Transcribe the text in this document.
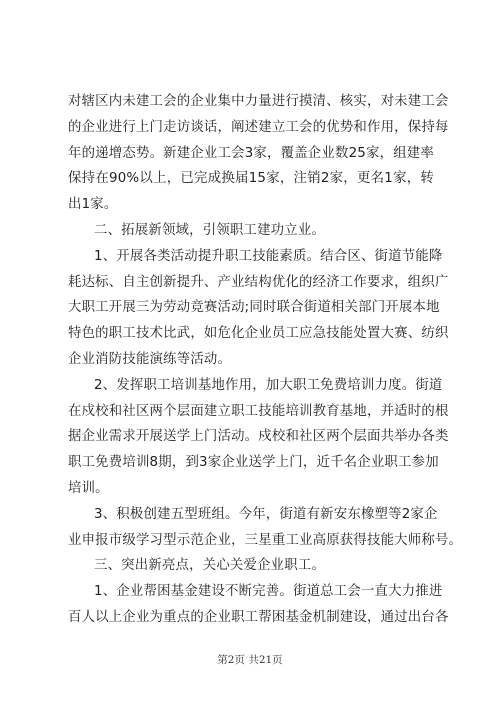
对辖区内未建工会的企业集中力量进行摸清、核实，对未建工会
的企业进行上门走访谈话，阐述建立工会的优势和作用，保持每
年的递增态势。新建企业工会3家，覆盖企业数25家，组建率
保持在90%以上，已完成换届15家，注销2家，更名1家，转
出1家。
二、拓展新领域，引领职工建功立业。
1、开展各类活动提升职工技能素质。结合区、街道节能降
耗达标、自主创新提升、产业结构优化的经济工作要求，组织广
大职工开展三为劳动竞赛活动;同时联合街道相关部门开展本地
特色的职工技术比武，如危化企业员工应急技能处置大赛、纺织
企业消防技能演练等活动。
2、发挥职工培训基地作用，加大职工免费培训力度。街道
在戍校和社区两个层面建立职工技能培训教育基地，并适时的根
据企业需求开展送学上门活动。戍校和社区两个层面共举办各类
职工免费培训8期，到3家企业送学上门，近千名企业职工参加
培训。
3、积极创建五型班组。今年，街道有新安东橡塑等2家企
业申报市级学习型示范企业，三星重工业高原获得技能大师称号。
三、突出新亮点，关心关爱企业职工。
1、企业帮困基金建设不断完善。街道总工会一直大力推进
百人以上企业为重点的企业职工帮困基金机制建设，通过出台各
第2页 共21页
